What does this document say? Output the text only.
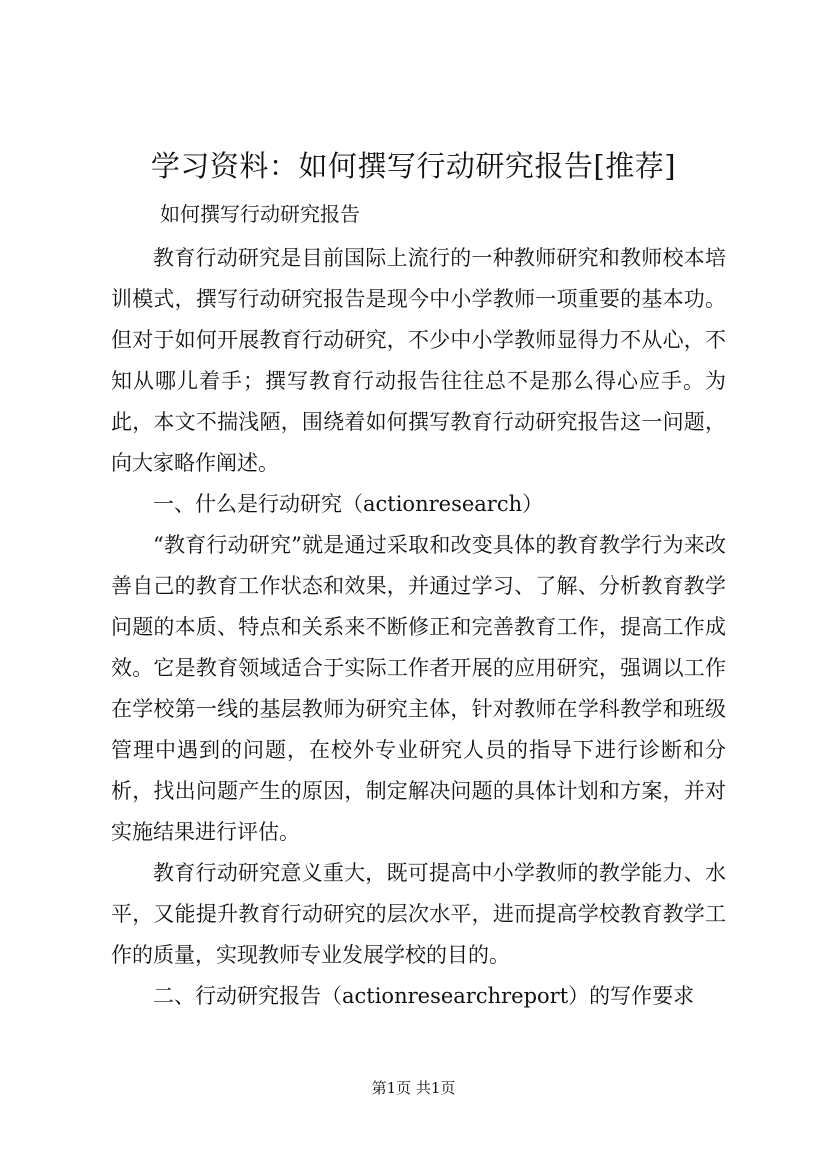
学习资料：如何撰写行动研究报告[推荐]
如何撰写行动研究报告

教育行动研究是目前国际上流行的一种教师研究和教师校本培训模式，撰写行动研究报告是现今中小学教师一项重要的基本功。但对于如何开展教育行动研究，不少中小学教师显得力不从心，不知从哪儿着手；撰写教育行动报告往往总不是那么得心应手。为此，本文不揣浅陋，围绕着如何撰写教育行动研究报告这一问题，向大家略作阐述。

一、什么是行动研究（actionresearch）

“教育行动研究”就是通过采取和改变具体的教育教学行为来改善自己的教育工作状态和效果，并通过学习、了解、分析教育教学问题的本质、特点和关系来不断修正和完善教育工作，提高工作成效。它是教育领域适合于实际工作者开展的应用研究，强调以工作在学校第一线的基层教师为研究主体，针对教师在学科教学和班级管理中遇到的问题，在校外专业研究人员的指导下进行诊断和分析，找出问题产生的原因，制定解决问题的具体计划和方案，并对实施结果进行评估。

教育行动研究意义重大，既可提高中小学教师的教学能力、水平，又能提升教育行动研究的层次水平，进而提高学校教育教学工作的质量，实现教师专业发展学校的目的。

二、行动研究报告（actionresearchreport）的写作要求

第1页 共1页
